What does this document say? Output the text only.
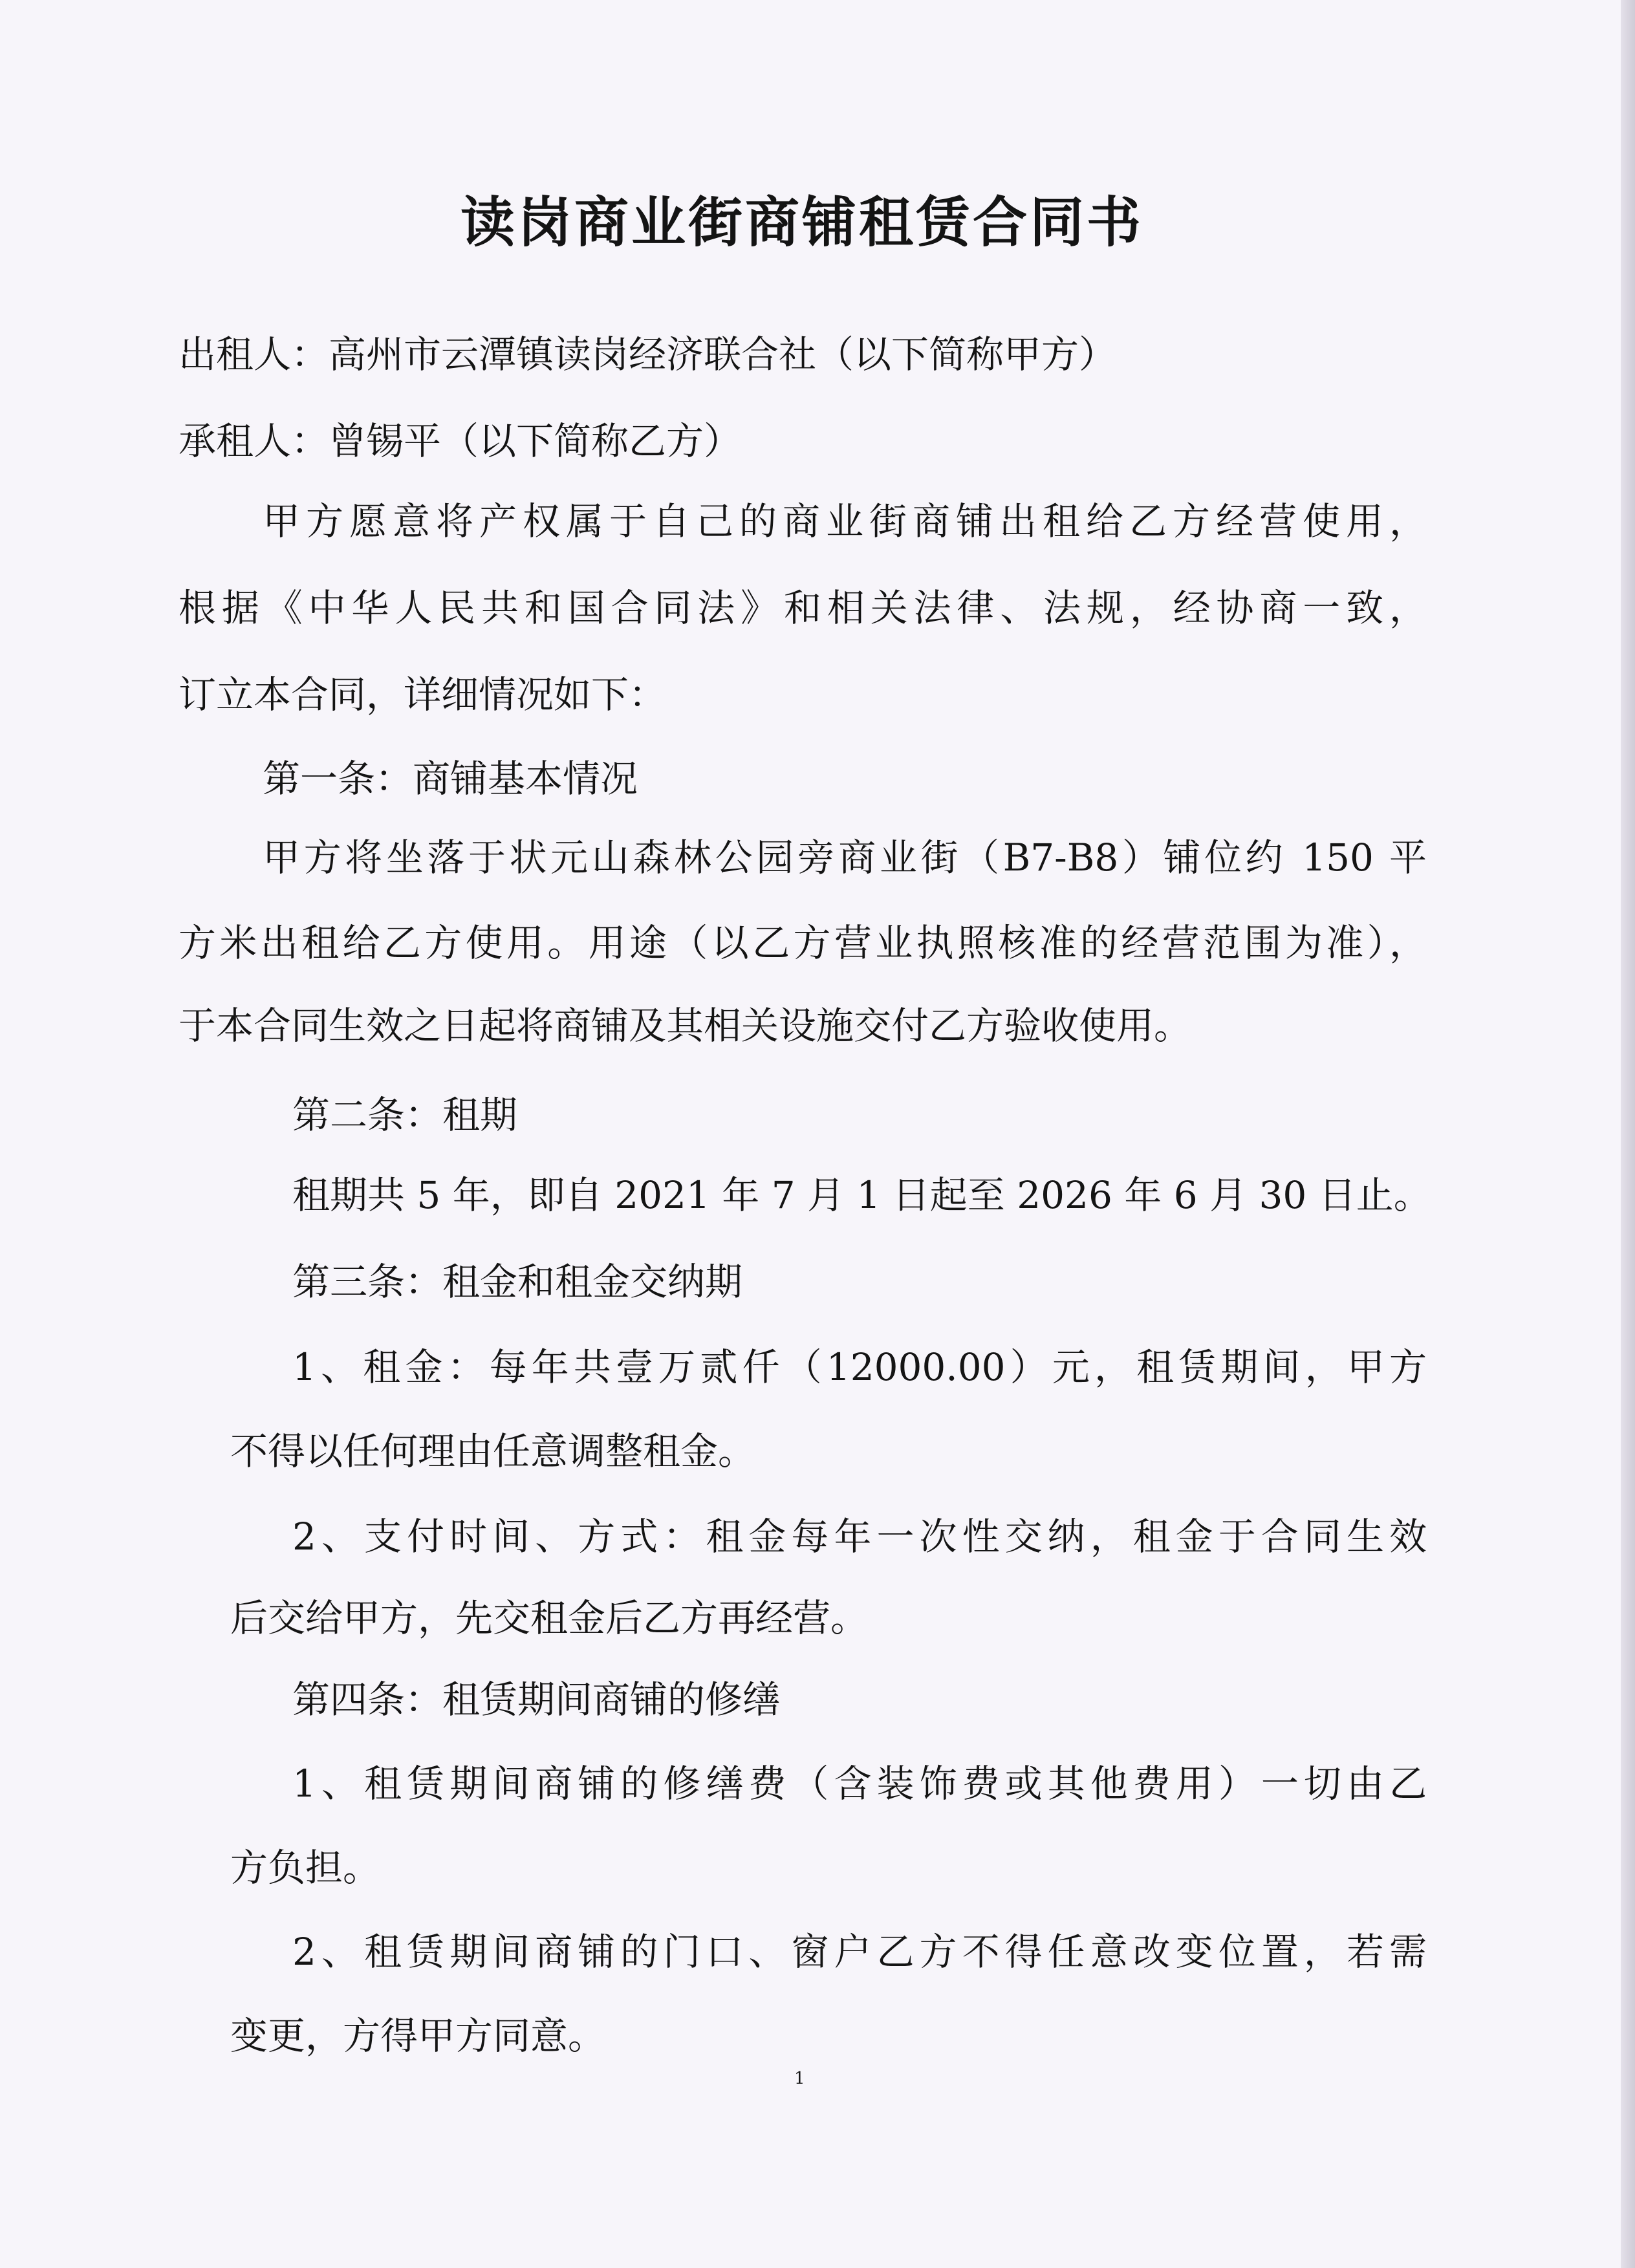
读岗商业街商铺租赁合同书

出租人：高州市云潭镇读岗经济联合社（以下简称甲方）

承租人：曾锡平（以下简称乙方）

甲方愿意将产权属于自己的商业街商铺出租给乙方经营使用，

根据《中华人民共和国合同法》和相关法律、法规，经协商一致，

订立本合同，详细情况如下：

第一条：商铺基本情况

甲方将坐落于状元山森林公园旁商业街（B7-B8）铺位约 150 平

方米出租给乙方使用。用途（以乙方营业执照核准的经营范围为准），

于本合同生效之日起将商铺及其相关设施交付乙方验收使用。

第二条：租期

租期共 5 年，即自 2021 年 7 月 1 日起至 2026 年 6 月 30 日止。

第三条：租金和租金交纳期

1、租金：每年共壹万贰仟（12000.00）元，租赁期间，甲方

不得以任何理由任意调整租金。

2、支付时间、方式：租金每年一次性交纳，租金于合同生效

后交给甲方，先交租金后乙方再经营。

第四条：租赁期间商铺的修缮

1、租赁期间商铺的修缮费（含装饰费或其他费用）一切由乙

方负担。

2、租赁期间商铺的门口、窗户乙方不得任意改变位置，若需

变更，方得甲方同意。

1
